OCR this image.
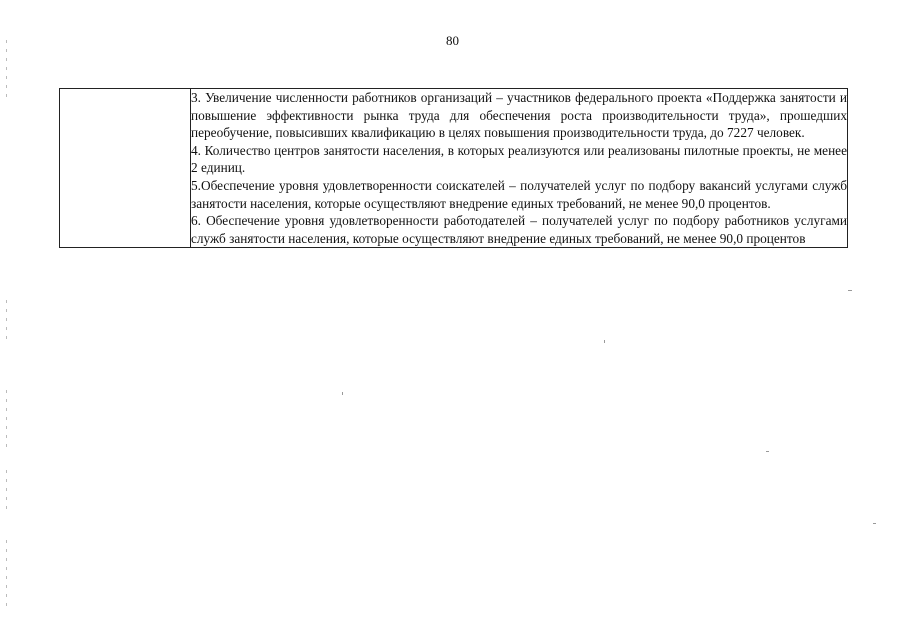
80

3. Увеличение численности работников организаций – участников федерального проекта «Поддержка занятости и повышение эффективности рынка труда для обеспечения роста производительности труда», прошедших переобучение, повысивших квалификацию в целях повышения производительности труда, до 7227 человек.

4. Количество центров занятости населения, в которых реализуются или реализованы пилотные проекты, не менее 2 единиц.

5.Обеспечение уровня удовлетворенности соискателей – получателей услуг по подбору вакансий услугами служб занятости населения, которые осуществляют внедрение единых требований, не менее 90,0 процентов.

6. Обеспечение уровня удовлетворенности работодателей – получателей услуг по подбору работников услугами служб занятости населения, которые осуществляют внедрение единых требований, не менее 90,0 процентов
